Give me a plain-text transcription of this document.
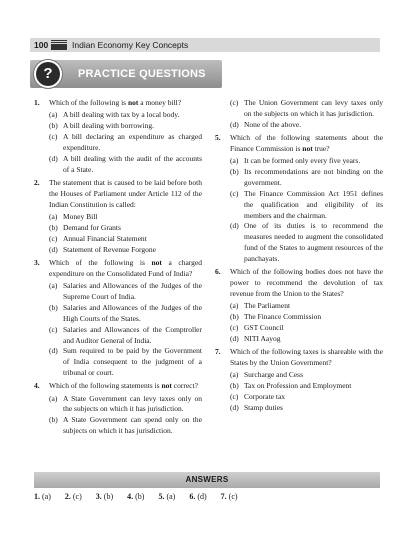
100	Indian Economy Key Concepts
?	PRACTICE QUESTIONS
1. Which of the following is not a money bill?
(a) A bill dealing with tax by a local body.
(b) A bill dealing with borrowing.
(c) A bill declaring an expenditure as charged expenditure.
(d) A bill dealing with the audit of the accounts of a State.
2. The statement that is caused to be laid before both the Houses of Parliament under Article 112 of the Indian Constitution is called:
(a) Money Bill
(b) Demand for Grants
(c) Annual Financial Statement
(d) Statement of Revenue Forgone
3. Which of the following is not a charged expenditure on the Consolidated Fund of India?
(a) Salaries and Allowances of the Judges of the Supreme Court of India.
(b) Salaries and Allowances of the Judges of the High Courts of the States.
(c) Salaries and Allowances of the Comptroller and Auditor General of India.
(d) Sum required to be paid by the Government of India consequent to the judgment of a tribunal or court.
4. Which of the following statements is not correct?
(a) A State Government can levy taxes only on the subjects on which it has jurisdiction.
(b) A State Government can spend only on the subjects on which it has jurisdiction.
(c) The Union Government can levy taxes only on the subjects on which it has jurisdiction.
(d) None of the above.
5. Which of the following statements about the Finance Commission is not true?
(a) It can be formed only every five years.
(b) Its recommendations are not binding on the government.
(c) The Finance Commission Act 1951 defines the qualification and eligibility of its members and the chairman.
(d) One of its duties is to recommend the measures needed to augment the consolidated fund of the States to augment resources of the panchayats.
6. Which of the following bodies does not have the power to recommend the devolution of tax revenue from the Union to the States?
(a) The Parliament
(b) The Finance Commission
(c) GST Council
(d) NITI Aayog
7. Which of the following taxes is shareable with the States by the Union Government?
(a) Surcharge and Cess
(b) Tax on Profession and Employment
(c) Corporate tax
(d) Stamp duties
ANSWERS
1. (a) 2. (c) 3. (b) 4. (b) 5. (a) 6. (d) 7. (c)
